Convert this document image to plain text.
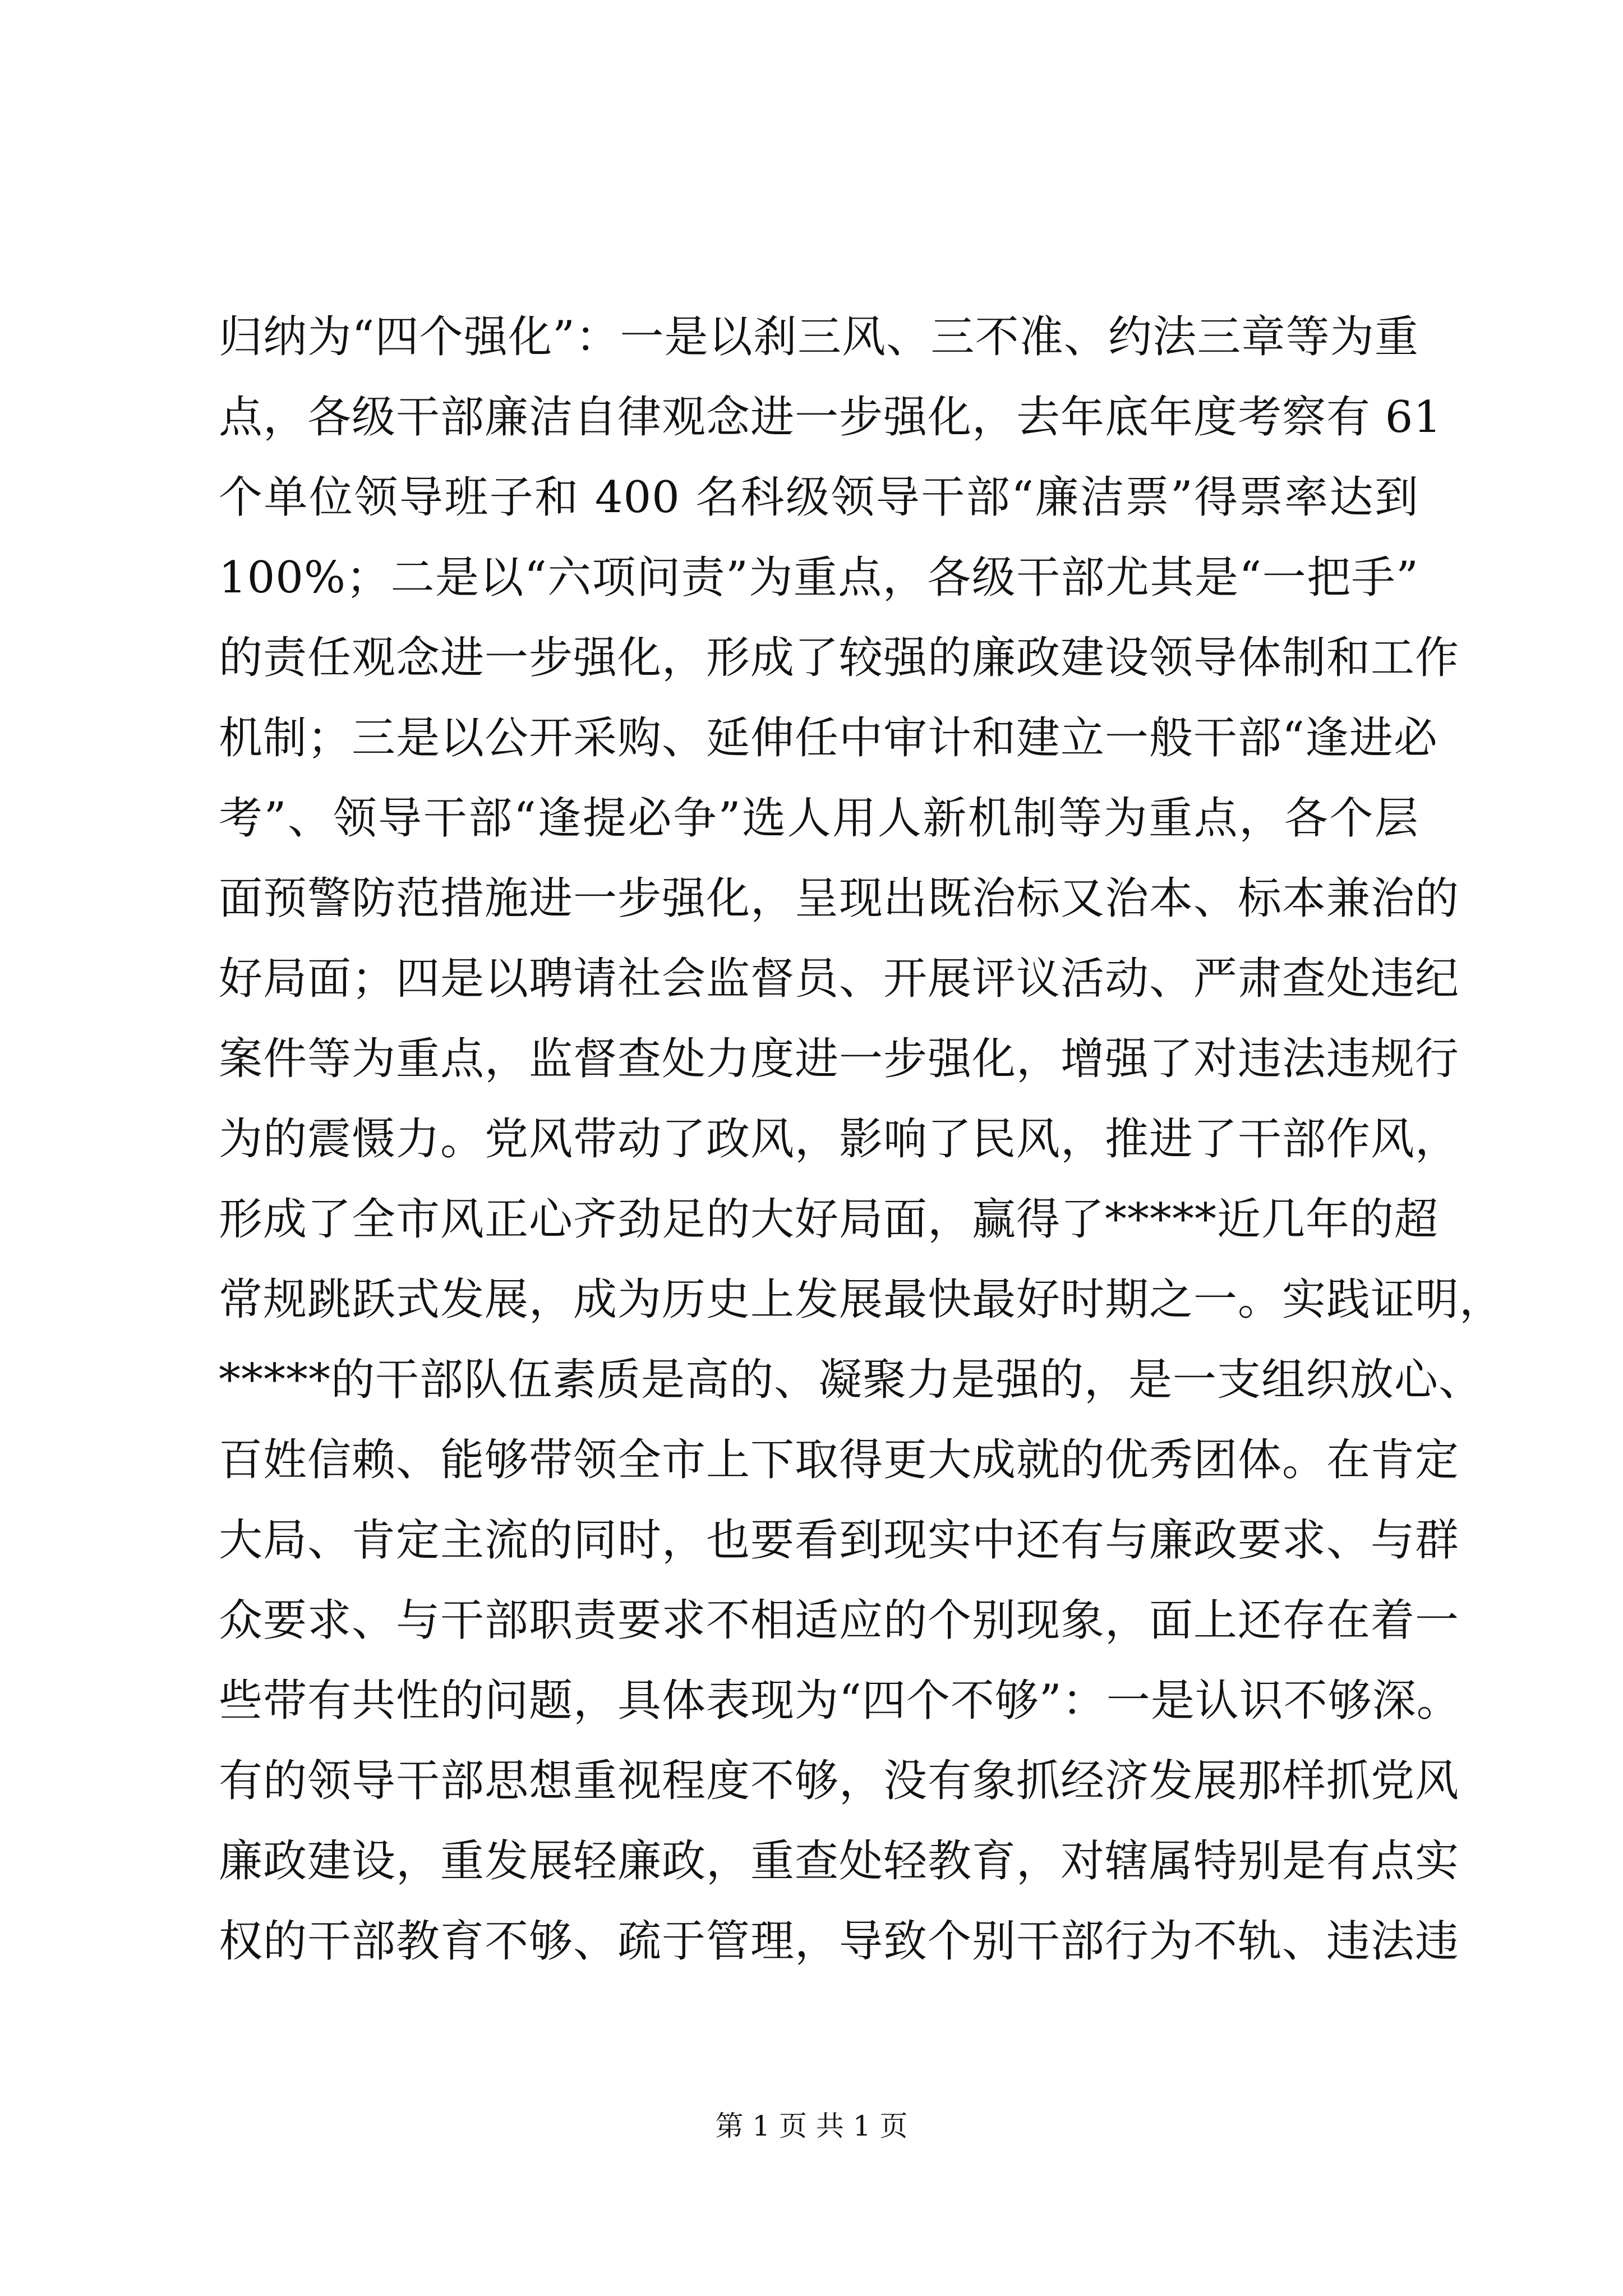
归纳为“四个强化”：一是以刹三风、三不准、约法三章等为重
点，各级干部廉洁自律观念进一步强化，去年底年度考察有 61
个单位领导班子和 400 名科级领导干部“廉洁票”得票率达到
100%；二是以“六项问责”为重点，各级干部尤其是“一把手”
的责任观念进一步强化，形成了较强的廉政建设领导体制和工作
机制；三是以公开采购、延伸任中审计和建立一般干部“逢进必
考”、领导干部“逢提必争”选人用人新机制等为重点，各个层
面预警防范措施进一步强化，呈现出既治标又治本、标本兼治的
好局面；四是以聘请社会监督员、开展评议活动、严肃查处违纪
案件等为重点，监督查处力度进一步强化，增强了对违法违规行
为的震慑力。党风带动了政风，影响了民风，推进了干部作风，
形成了全市风正心齐劲足的大好局面，赢得了*****近几年的超
常规跳跃式发展，成为历史上发展最快最好时期之一。实践证明，
*****的干部队伍素质是高的、凝聚力是强的，是一支组织放心、
百姓信赖、能够带领全市上下取得更大成就的优秀团体。在肯定
大局、肯定主流的同时，也要看到现实中还有与廉政要求、与群
众要求、与干部职责要求不相适应的个别现象，面上还存在着一
些带有共性的问题，具体表现为“四个不够”：一是认识不够深。
有的领导干部思想重视程度不够，没有象抓经济发展那样抓党风
廉政建设，重发展轻廉政，重查处轻教育，对辖属特别是有点实
权的干部教育不够、疏于管理，导致个别干部行为不轨、违法违
第 1 页 共 1 页
